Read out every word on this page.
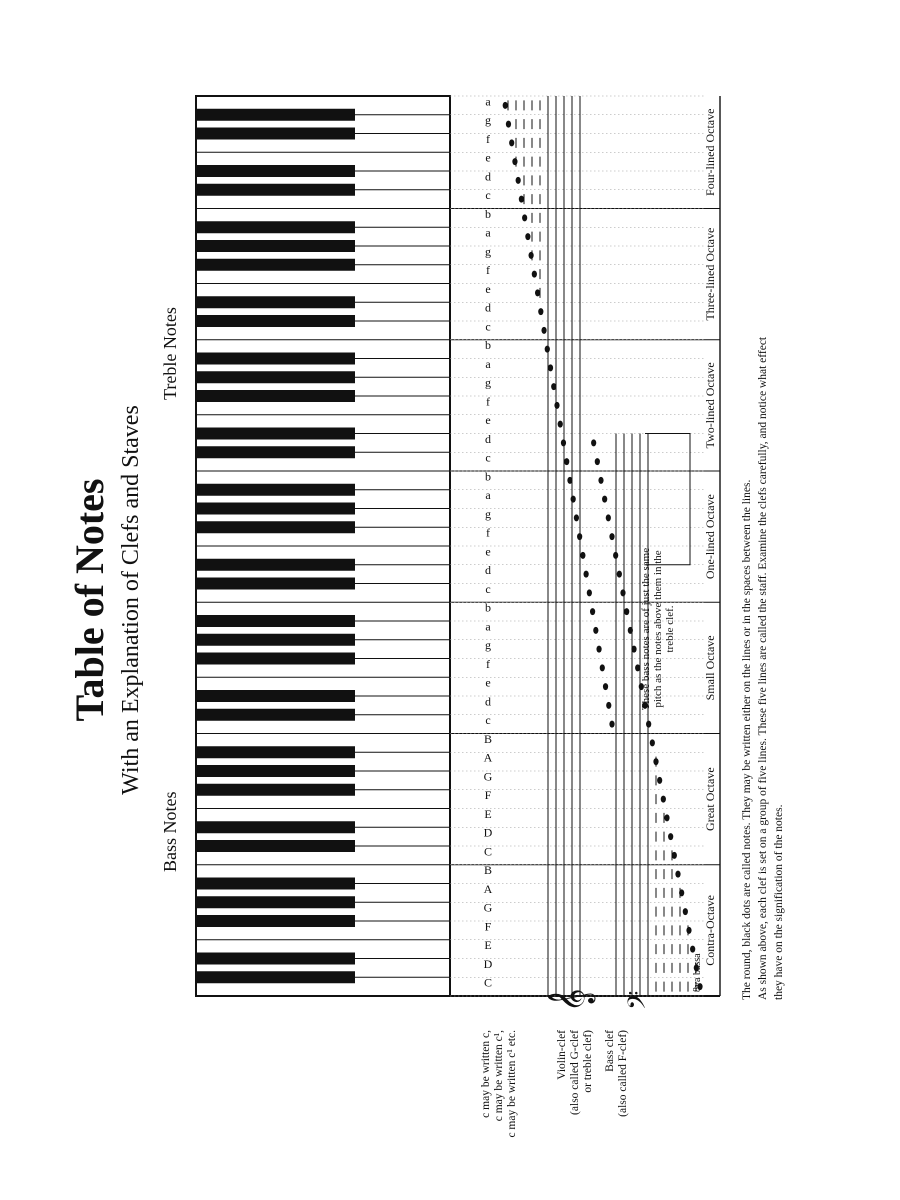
C
D
E
F
G
A
B
C
D
E
F
G
A
B
c
d
e
f
g
a
b
c
d
e
f
g
a
b
c
d
e
f
g
a
b
c
d
e
f
g
a
b
c
d
e
f
g
a
𝄞 𝄢
8va bassa
Contra-Octave
Great Octave
Small Octave
One-lined Octave
Two-lined Octave
Three-lined Octave
Four-lined Octave
Table of Notes With an Explanation of Clefs and Staves
Bass Notes
Treble Notes
c may be written c, c may be written c¹, c may be written c¹ etc.	Violin-clef (also called G-clef or treble clef) Bass clef (also called F-clef)
These bass notes are of just the same pitch as the notes above them in the treble clef.	The round, black dots are called notes. They may be written either on the lines or in the spaces between the lines. As shown above, each clef is set on a group of five lines. These five lines are called the staff. Examine the clefs carefully, and notice what effect they have on the signification of the notes.
